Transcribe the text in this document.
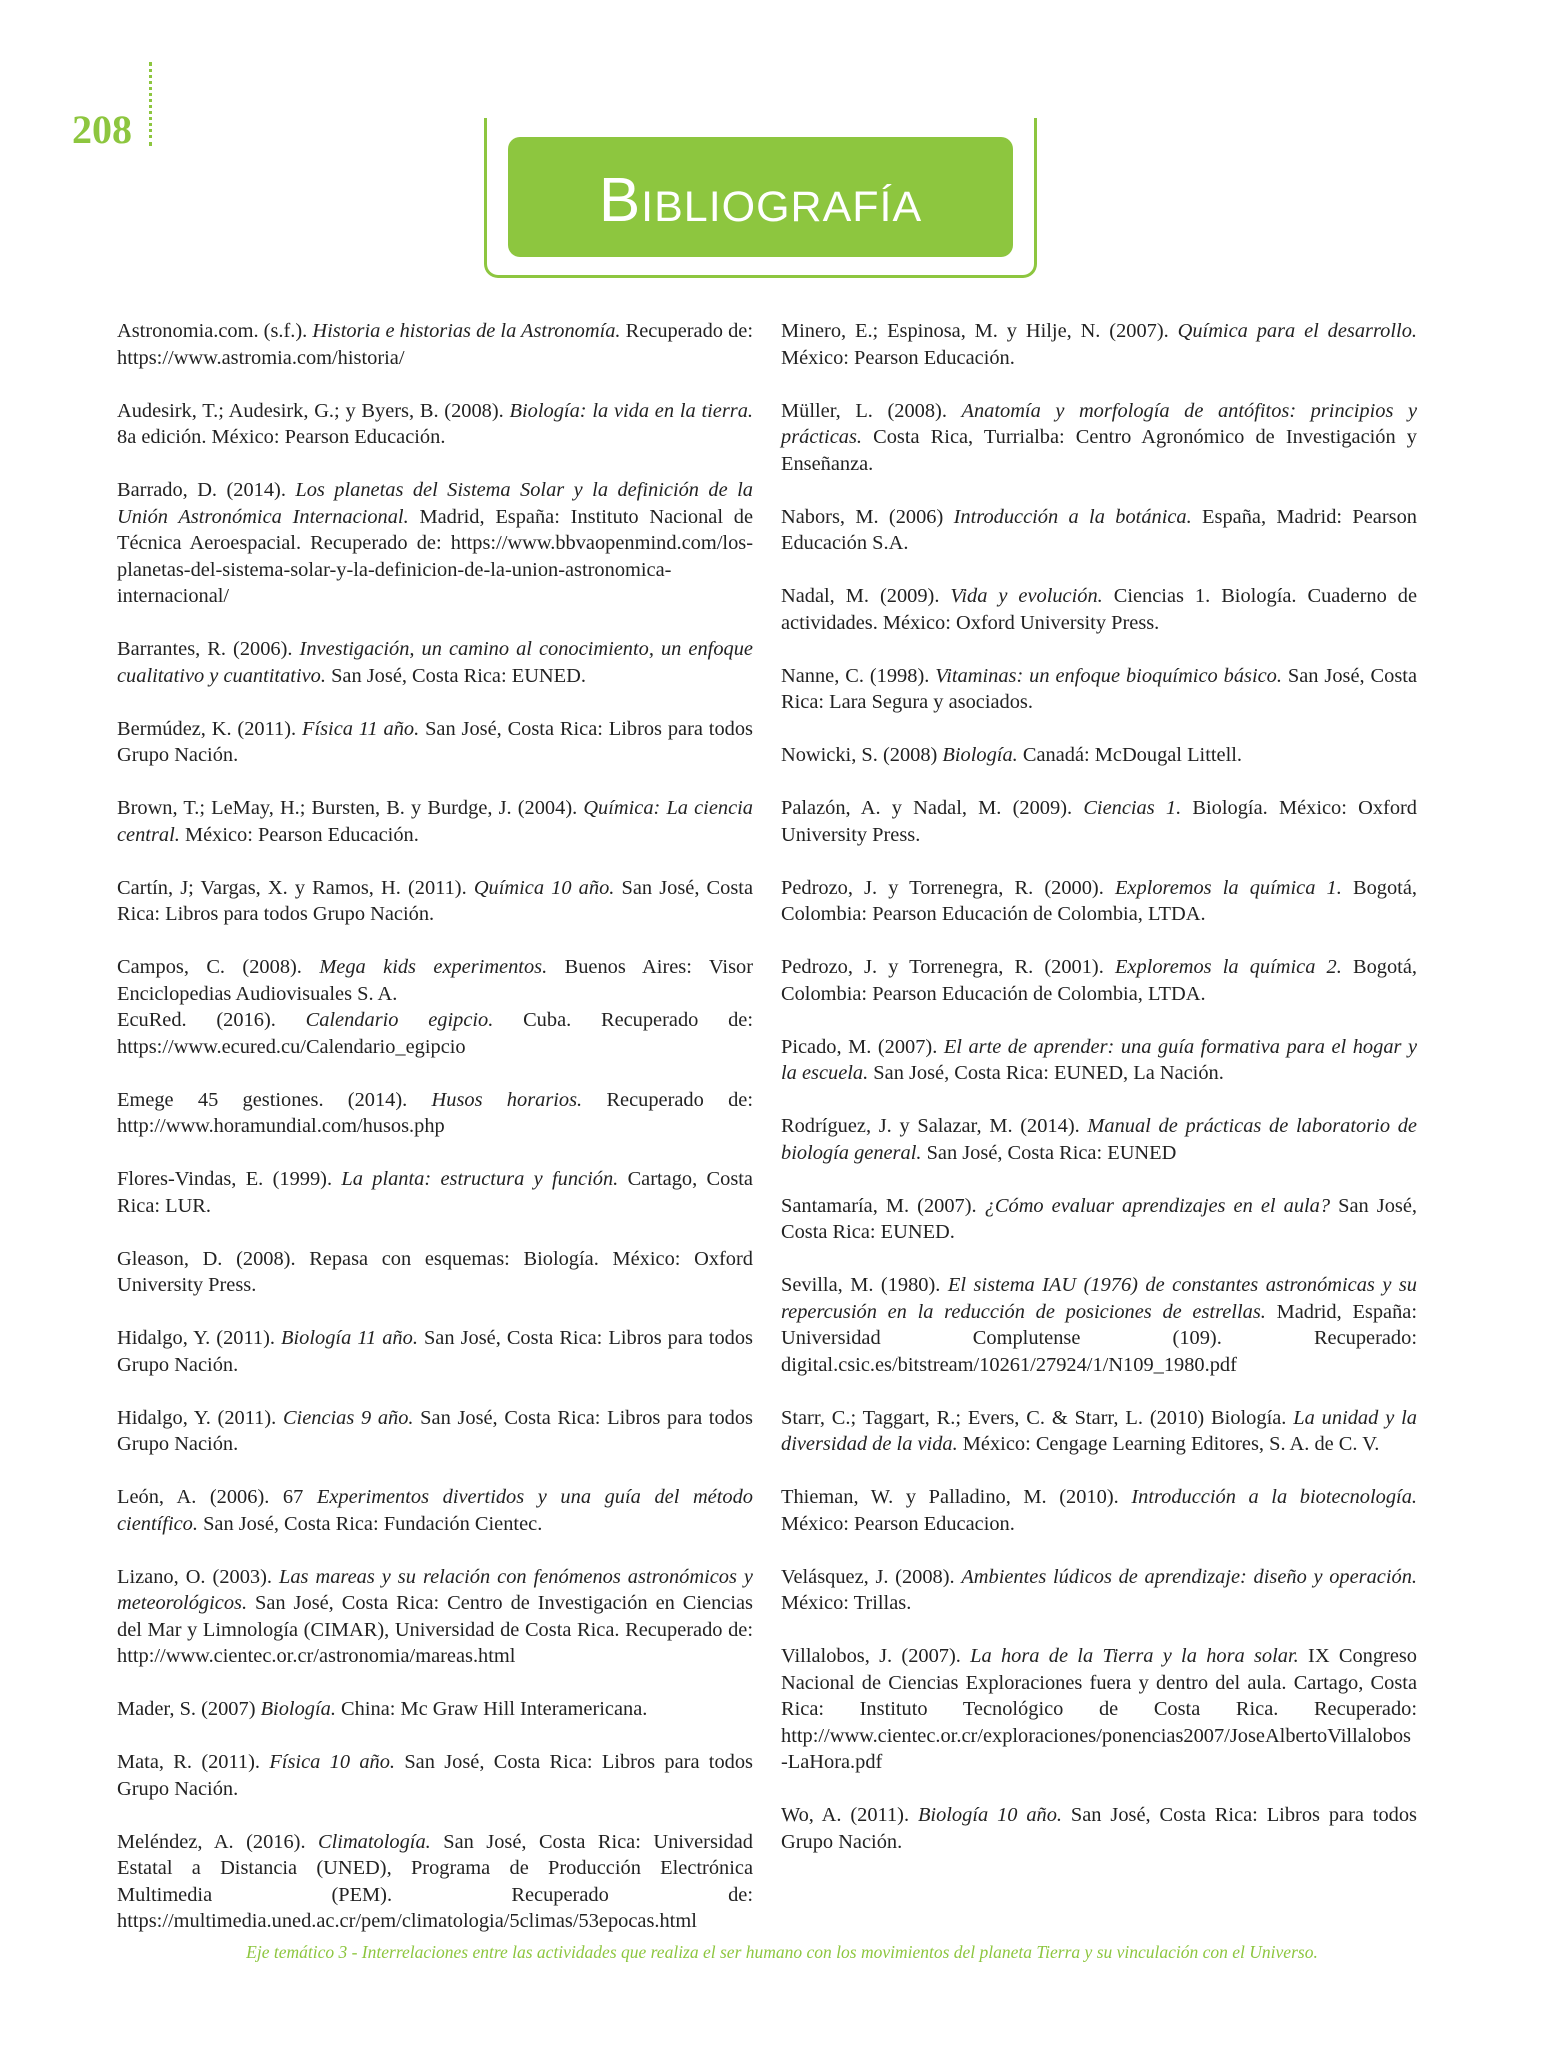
208
Bibliografía

Astronomia.com. (s.f.). Historia e historias de la Astronomía. Recuperado de: https://www.astromia.com/historia/

Audesirk, T.; Audesirk, G.; y Byers, B. (2008). Biología: la vida en la tierra. 8a edición. México: Pearson Educación.

Barrado, D. (2014). Los planetas del Sistema Solar y la definición de la Unión Astronómica Internacional. Madrid, España: Instituto Nacional de Técnica Aeroespacial. Recuperado de: https://www.bbvaopenmind.com/los-planetas-del-sistema-solar-y-la-definicion-de-la-union-astronomica-internacional/

Barrantes, R. (2006). Investigación, un camino al conocimiento, un enfoque cualitativo y cuantitativo. San José, Costa Rica: EUNED.

Bermúdez, K. (2011). Física 11 año. San José, Costa Rica: Libros para todos Grupo Nación.

Brown, T.; LeMay, H.; Bursten, B. y Burdge, J. (2004). Química: La ciencia central. México: Pearson Educación.

Cartín, J; Vargas, X. y Ramos, H. (2011). Química 10 año. San José, Costa Rica: Libros para todos Grupo Nación.

Campos, C. (2008). Mega kids experimentos. Buenos Aires: Visor Enciclopedias Audiovisuales S. A.

EcuRed. (2016). Calendario egipcio. Cuba. Recuperado de: https://www.ecured.cu/Calendario_egipcio

Emege 45 gestiones. (2014). Husos horarios. Recuperado de: http://www.horamundial.com/husos.php

Flores-Vindas, E. (1999). La planta: estructura y función. Cartago, Costa Rica: LUR.

Gleason, D. (2008). Repasa con esquemas: Biología. México: Oxford University Press.

Hidalgo, Y. (2011). Biología 11 año. San José, Costa Rica: Libros para todos Grupo Nación.

Hidalgo, Y. (2011). Ciencias 9 año. San José, Costa Rica: Libros para todos Grupo Nación.

León, A. (2006). 67 Experimentos divertidos y una guía del método científico. San José, Costa Rica: Fundación Cientec.

Lizano, O. (2003). Las mareas y su relación con fenómenos astronómicos y meteorológicos. San José, Costa Rica: Centro de Investigación en Ciencias del Mar y Limnología (CIMAR), Universidad de Costa Rica. Recuperado de: http://www.cientec.or.cr/astronomia/mareas.html

Mader, S. (2007) Biología. China: Mc Graw Hill Interamericana.

Mata, R. (2011). Física 10 año. San José, Costa Rica: Libros para todos Grupo Nación.

Meléndez, A. (2016). Climatología. San José, Costa Rica: Universidad Estatal a Distancia (UNED), Programa de Producción Electrónica Multimedia (PEM). Recuperado de: https://multimedia.uned.ac.cr/pem/climatologia/5climas/53epocas.html

Minero, E.; Espinosa, M. y Hilje, N. (2007). Química para el desarrollo. México: Pearson Educación.

Müller, L. (2008). Anatomía y morfología de antófitos: principios y prácticas. Costa Rica, Turrialba: Centro Agronómico de Investigación y Enseñanza.

Nabors, M. (2006) Introducción a la botánica. España, Madrid: Pearson Educación S.A.

Nadal, M. (2009). Vida y evolución. Ciencias 1. Biología. Cuaderno de actividades. México: Oxford University Press.

Nanne, C. (1998). Vitaminas: un enfoque bioquímico básico. San José, Costa Rica: Lara Segura y asociados.

Nowicki, S. (2008) Biología. Canadá: McDougal Littell.

Palazón, A. y Nadal, M. (2009). Ciencias 1. Biología. México: Oxford University Press.

Pedrozo, J. y Torrenegra, R. (2000). Exploremos la química 1. Bogotá, Colombia: Pearson Educación de Colombia, LTDA.

Pedrozo, J. y Torrenegra, R. (2001). Exploremos la química 2. Bogotá, Colombia: Pearson Educación de Colombia, LTDA.

Picado, M. (2007). El arte de aprender: una guía formativa para el hogar y la escuela. San José, Costa Rica: EUNED, La Nación.

Rodríguez, J. y Salazar, M. (2014). Manual de prácticas de laboratorio de biología general. San José, Costa Rica: EUNED

Santamaría, M. (2007). ¿Cómo evaluar aprendizajes en el aula? San José, Costa Rica: EUNED.

Sevilla, M. (1980). El sistema IAU (1976) de constantes astronómicas y su repercusión en la reducción de posiciones de estrellas. Madrid, España: Universidad Complutense (109). Recuperado: digital.csic.es/bitstream/10261/27924/1/N109_1980.pdf

Starr, C.; Taggart, R.; Evers, C. & Starr, L. (2010) Biología. La unidad y la diversidad de la vida. México: Cengage Learning Editores, S. A. de C. V.

Thieman, W. y Palladino, M. (2010). Introducción a la biotecnología. México: Pearson Educacion.

Velásquez, J. (2008). Ambientes lúdicos de aprendizaje: diseño y operación. México: Trillas.

Villalobos, J. (2007). La hora de la Tierra y la hora solar. IX Congreso Nacional de Ciencias Exploraciones fuera y dentro del aula. Cartago, Costa Rica: Instituto Tecnológico de Costa Rica. Recuperado: http://www.cientec.or.cr/exploraciones/ponencias2007/JoseAlbertoVillalobos-LaHora.pdf

Wo, A. (2011). Biología 10 año. San José, Costa Rica: Libros para todos Grupo Nación.

Eje temático 3 - Interrelaciones entre las actividades que realiza el ser humano con los movimientos del planeta Tierra y su vinculación con el Universo.
